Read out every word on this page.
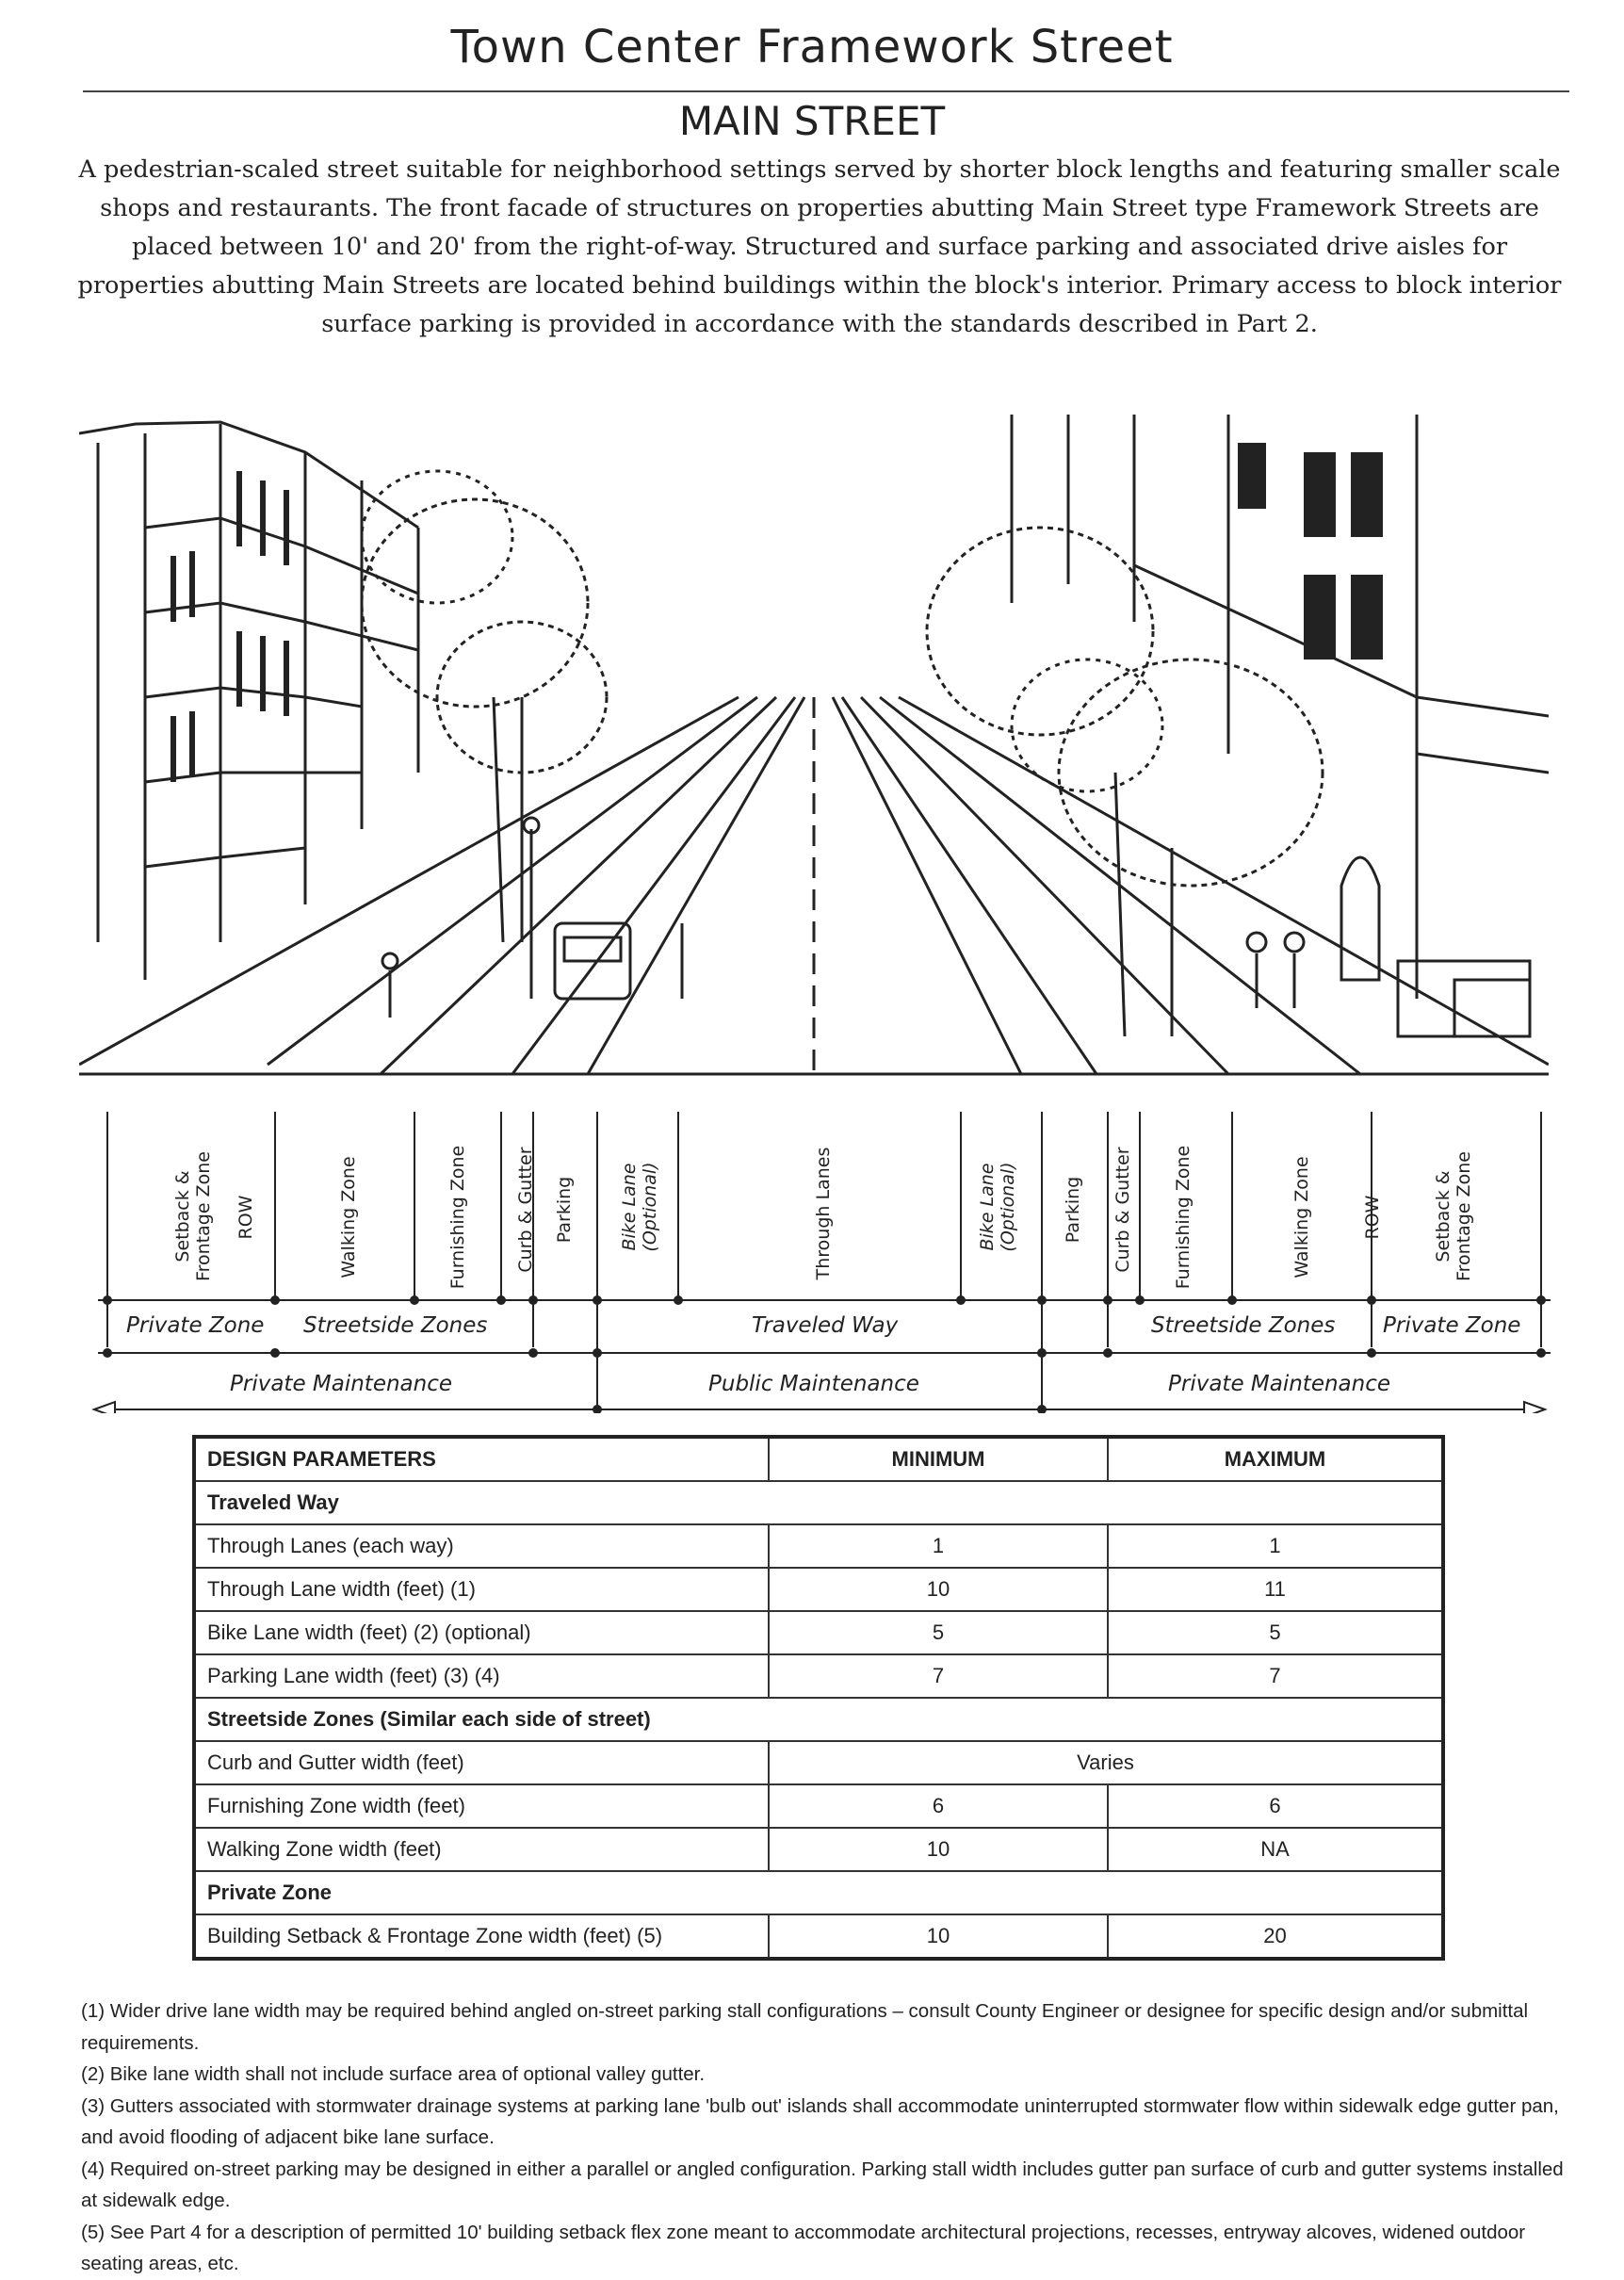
Town Center Framework Street
MAIN STREET
A pedestrian-scaled street suitable for neighborhood settings served by shorter block lengths and featuring smaller scale shops and restaurants. The front facade of structures on properties abutting Main Street type Framework Streets are placed between 10' and 20' from the right-of-way. Structured and surface parking and associated drive aisles for properties abutting Main Streets are located behind buildings within the block's interior. Primary access to block interior surface parking is provided in accordance with the standards described in Part 2.
Setback &
Frontage Zone
ROW	Walking Zone	Furnishing Zone	Curb & Gutter Parking Bike Lane
(Optional)	Through Lanes	Bike Lane
(Optional)	Parking Curb & Gutter Furnishing Zone	Walking Zone	ROW	Setback &
Frontage Zone
Private Zone Streetside Zones	Traveled Way	Streetside Zones Private Zone
Private Maintenance	Public Maintenance	Private Maintenance
DESIGN PARAMETERS	MINIMUM	MAXIMUM
Traveled Way		
Through Lanes (each way)	1	1
Through Lane width (feet) (1)	10	11
Bike Lane width (feet) (2) (optional)	5	5
Parking Lane width (feet) (3) (4)	7	7
Streetside Zones (Similar each side of street)		
Curb and Gutter width (feet)	Varies	
Furnishing Zone width (feet)	6	6
Walking Zone width (feet)	10	NA
Private Zone		
Building Setback & Frontage Zone width (feet) (5)	10	20

(1) Wider drive lane width may be required behind angled on-street parking stall configurations – consult County Engineer or designee for specific design and/or submittal requirements.

(2) Bike lane width shall not include surface area of optional valley gutter.

(3) Gutters associated with stormwater drainage systems at parking lane 'bulb out' islands shall accommodate uninterrupted stormwater flow within sidewalk edge gutter pan, and avoid flooding of adjacent bike lane surface.

(4) Required on-street parking may be designed in either a parallel or angled configuration. Parking stall width includes gutter pan surface of curb and gutter systems installed at sidewalk edge.

(5) See Part 4 for a description of permitted 10' building setback flex zone meant to accommodate architectural projections, recesses, entryway alcoves, widened outdoor seating areas, etc.
